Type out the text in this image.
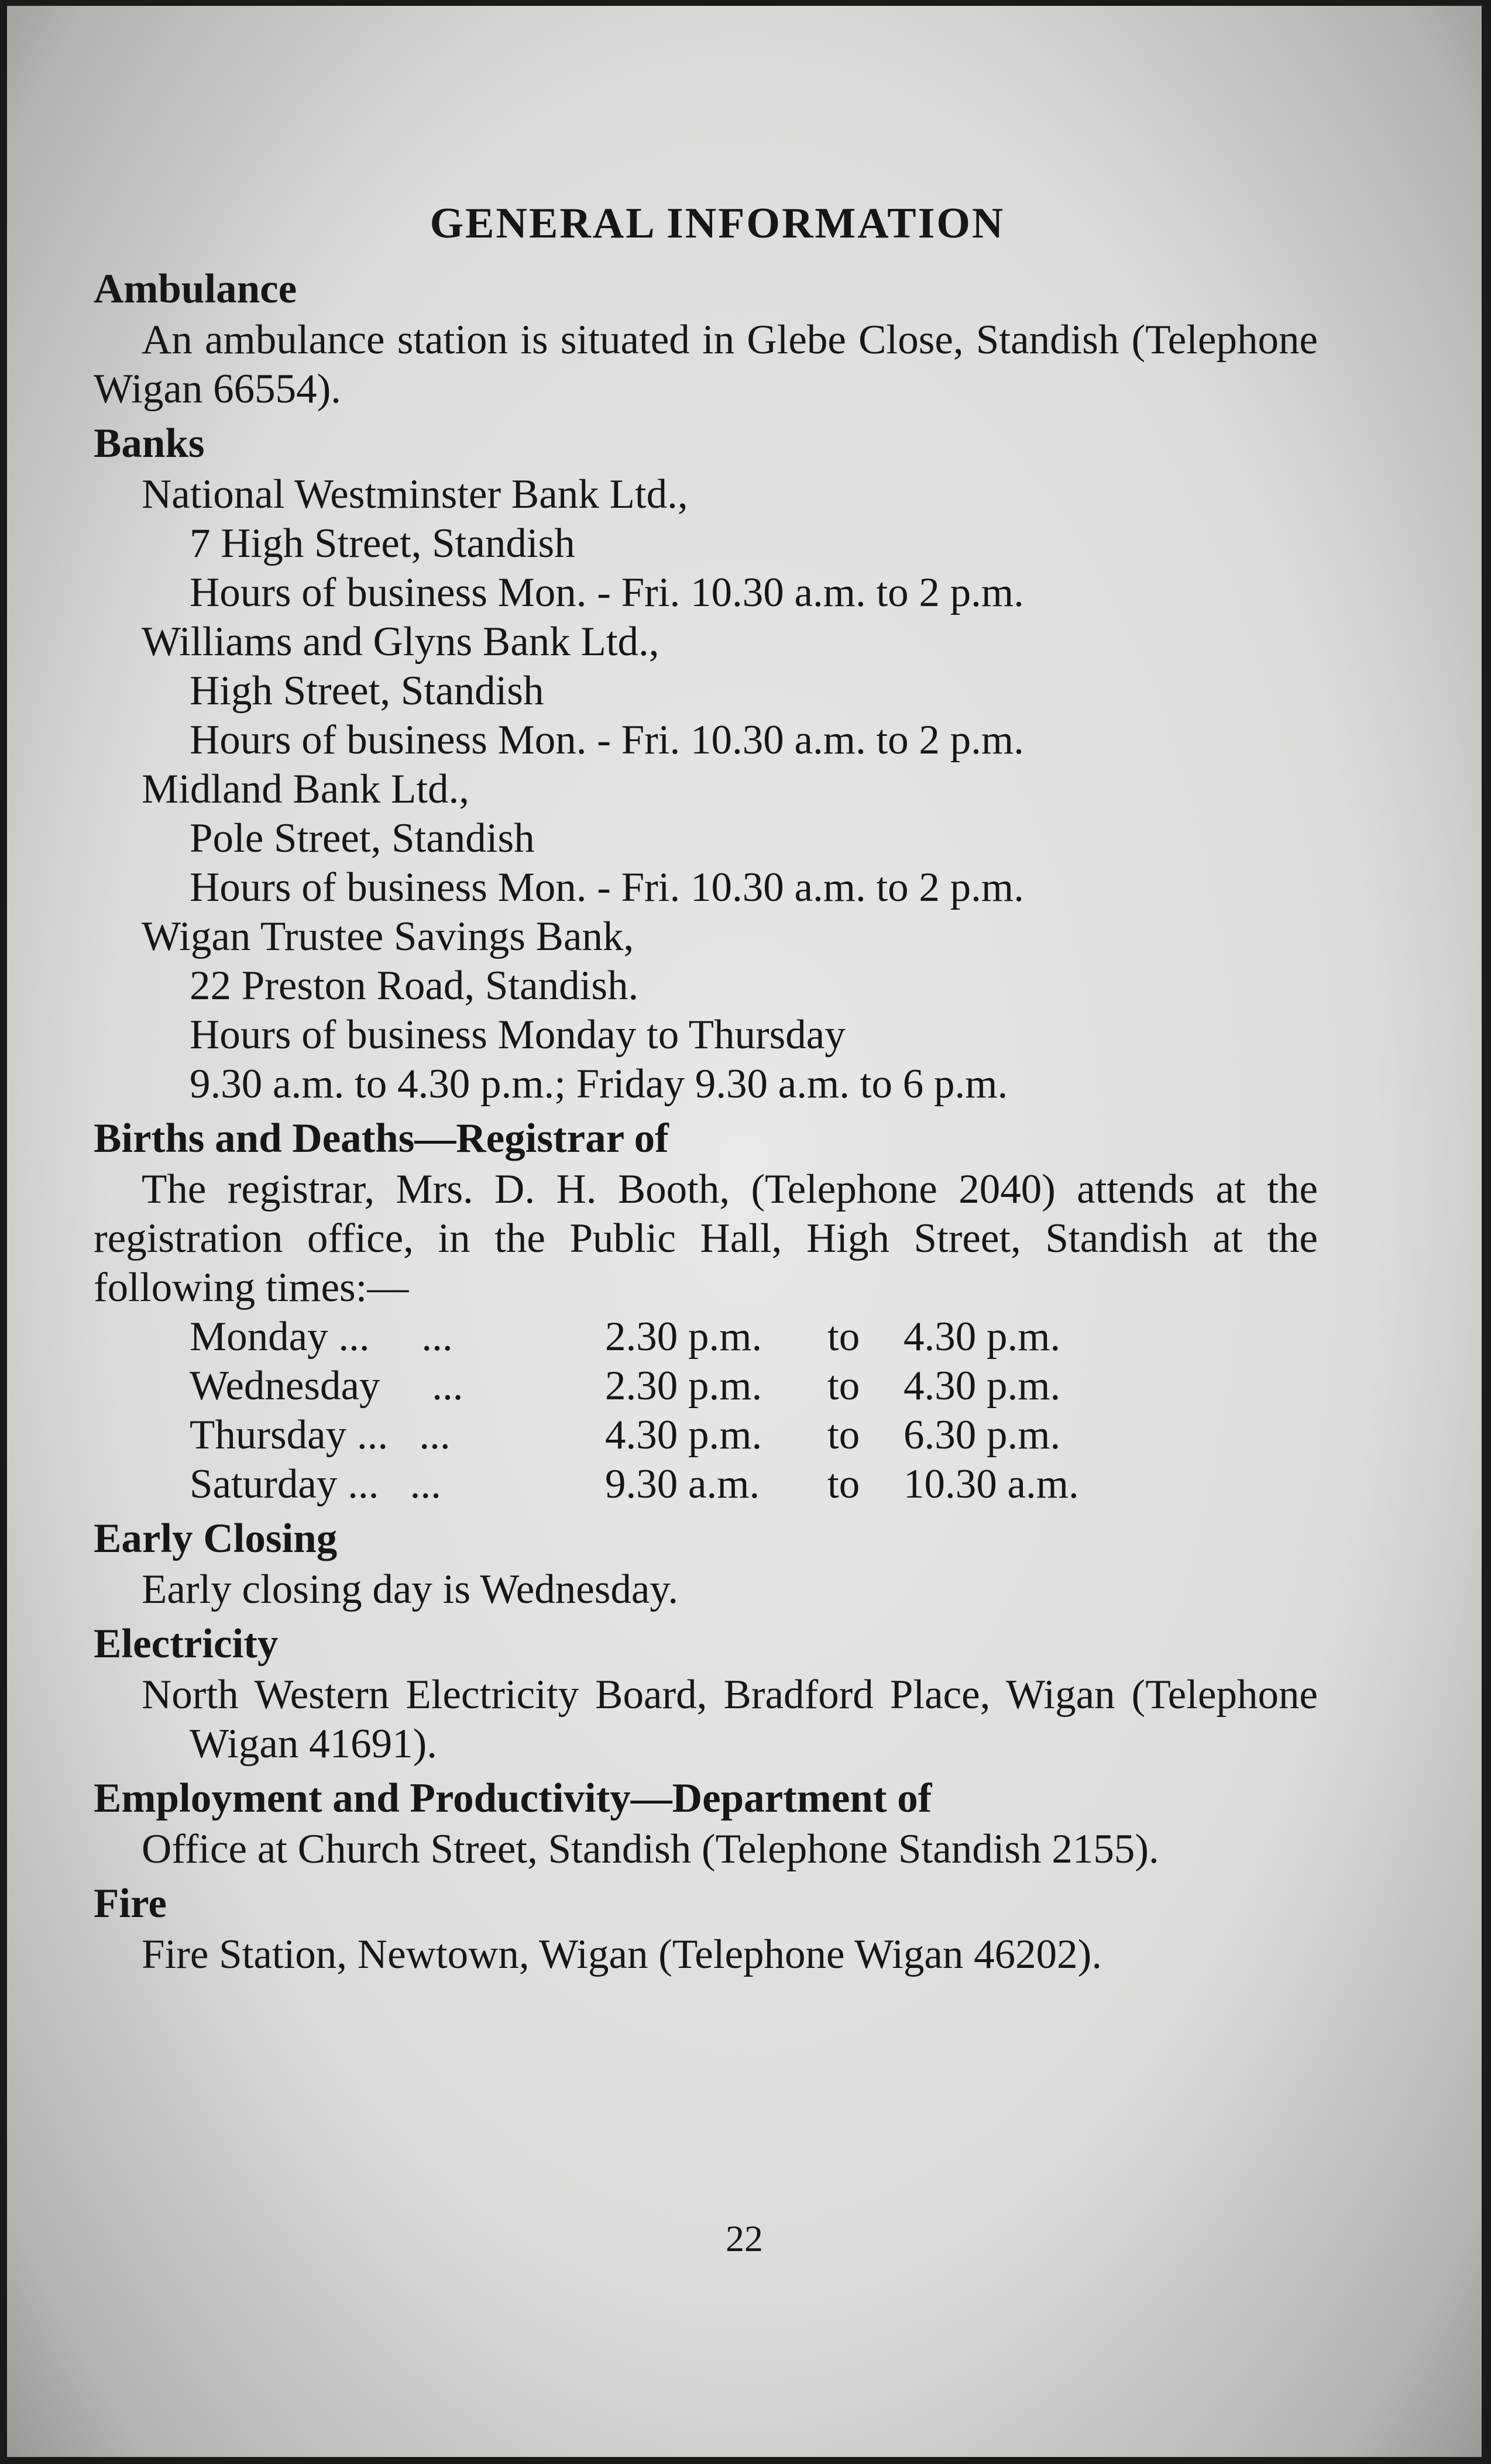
GENERAL INFORMATION
Ambulance
An ambulance station is situated in Glebe Close, Standish (Telephone Wigan 66554).
Banks
National Westminster Bank Ltd.,
7 High Street, Standish
Hours of business Mon. - Fri. 10.30 a.m. to 2 p.m.
Williams and Glyns Bank Ltd.,
High Street, Standish
Hours of business Mon. - Fri. 10.30 a.m. to 2 p.m.
Midland Bank Ltd.,
Pole Street, Standish
Hours of business Mon. - Fri. 10.30 a.m. to 2 p.m.
Wigan Trustee Savings Bank,
22 Preston Road, Standish.
Hours of business Monday to Thursday
9.30 a.m. to 4.30 p.m.; Friday 9.30 a.m. to 6 p.m.
Births and Deaths—Registrar of
The registrar, Mrs. D. H. Booth, (Telephone 2040) attends at the registration office, in the Public Hall, High Street, Standish at the following times:—
Monday ...     ...	2.30 p.m.	to	4.30 p.m.
Wednesday     ...	2.30 p.m.	to	4.30 p.m.
Thursday ...   ...	4.30 p.m.	to	6.30 p.m.
Saturday ...   ...	9.30 a.m.	to	10.30 a.m.
Early Closing
Early closing day is Wednesday.
Electricity
North Western Electricity Board, Bradford Place, Wigan (Telephone Wigan 41691).
Employment and Productivity—Department of
Office at Church Street, Standish (Telephone Standish 2155).
Fire
Fire Station, Newtown, Wigan (Telephone Wigan 46202).
22
